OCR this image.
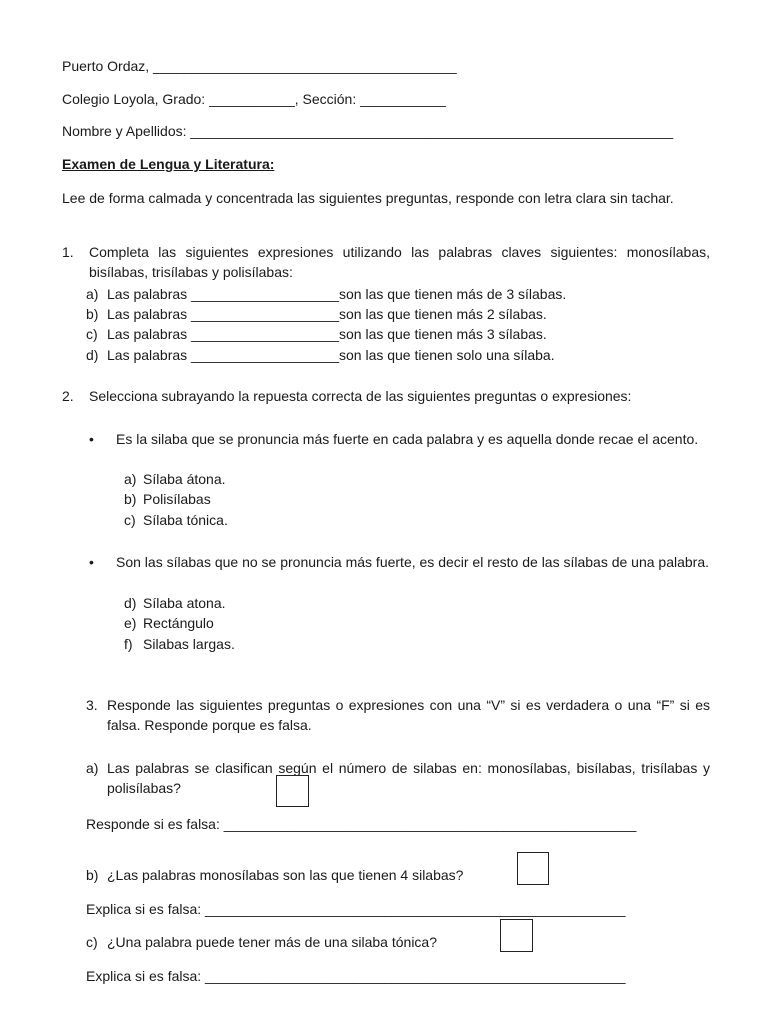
Puerto Ordaz, _______________________________________
Colegio Loyola, Grado: ___________, Sección: ___________
Nombre y Apellidos: ______________________________________________________________
Examen de Lengua y Literatura:
Lee de forma calmada y concentrada las siguientes preguntas, responde con letra clara sin tachar.
1. Completa las siguientes expresiones utilizando las palabras claves siguientes: monosílabas, bisílabas, trisílabas y polisílabas:
a) Las palabras ___________________son las que tienen más de 3 sílabas.
b) Las palabras ___________________son las que tienen más 2 sílabas.
c) Las palabras ___________________son las que tienen más 3 sílabas.
d) Las palabras ___________________son las que tienen solo una sílaba.
2. Selecciona subrayando la repuesta correcta de las siguientes preguntas o expresiones:
• Es la silaba que se pronuncia más fuerte en cada palabra y es aquella donde recae el acento.
a) Sílaba átona.
b) Polisílabas
c) Sílaba tónica.
• Son las sílabas que no se pronuncia más fuerte, es decir el resto de las sílabas de una palabra.
d) Sílaba atona.
e) Rectángulo
f) Silabas largas.
3. Responde las siguientes preguntas o expresiones con una “V” si es verdadera o una “F” si es falsa. Responde porque es falsa.
a) Las palabras se clasifican según el número de silabas en: monosílabas, bisílabas, trisílabas y polisílabas?
Responde si es falsa: _____________________________________________________
b) ¿Las palabras monosílabas son las que tienen 4 silabas?
Explica si es falsa: ______________________________________________________
c) ¿Una palabra puede tener más de una silaba tónica?
Explica si es falsa: ______________________________________________________
